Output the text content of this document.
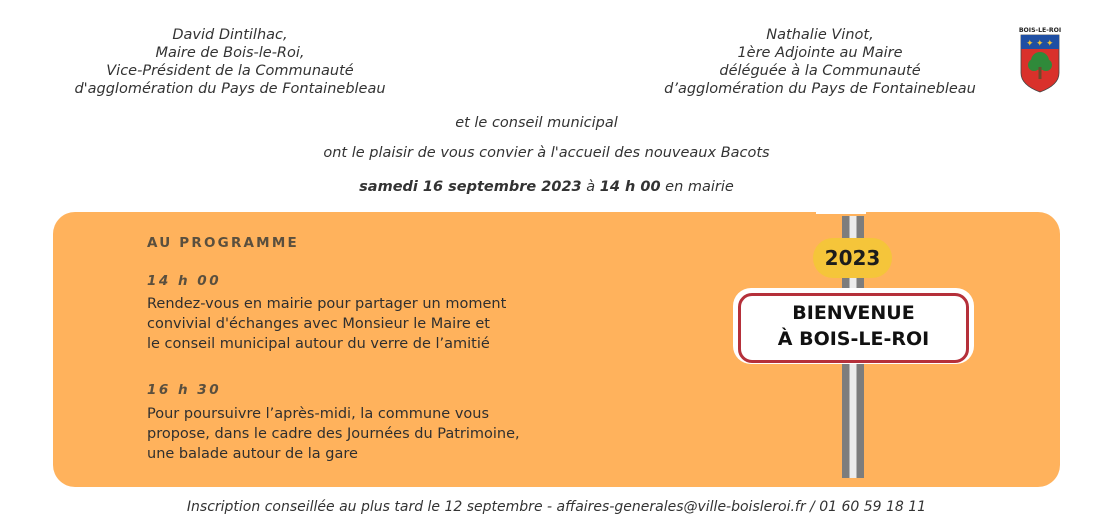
David Dintilhac,
Maire de Bois-le-Roi,
Vice-Président de la Communauté
d'agglomération du Pays de Fontainebleau
Nathalie Vinot,
1ère Adjointe au Maire
déléguée à la Communauté
d’agglomération du Pays de Fontainebleau
BOIS-LE-ROI
✦ ✦ ✦
et le conseil municipal
ont le plaisir de vous convier à l'accueil des nouveaux Bacots
samedi 16 septembre 2023 à 14 h 00 en mairie
AU PROGRAMME
14 h 00
Rendez-vous en mairie pour partager un moment
convivial d'échanges avec Monsieur le Maire et
le conseil municipal autour du verre de l’amitié
16 h 30
Pour poursuivre l’après-midi, la commune vous
propose, dans le cadre des Journées du Patrimoine,
une balade autour de la gare
2023
BIENVENUE
À BOIS-LE-ROI
Inscription conseillée au plus tard le 12 septembre - affaires-generales@ville-boisleroi.fr / 01 60 59 18 11
